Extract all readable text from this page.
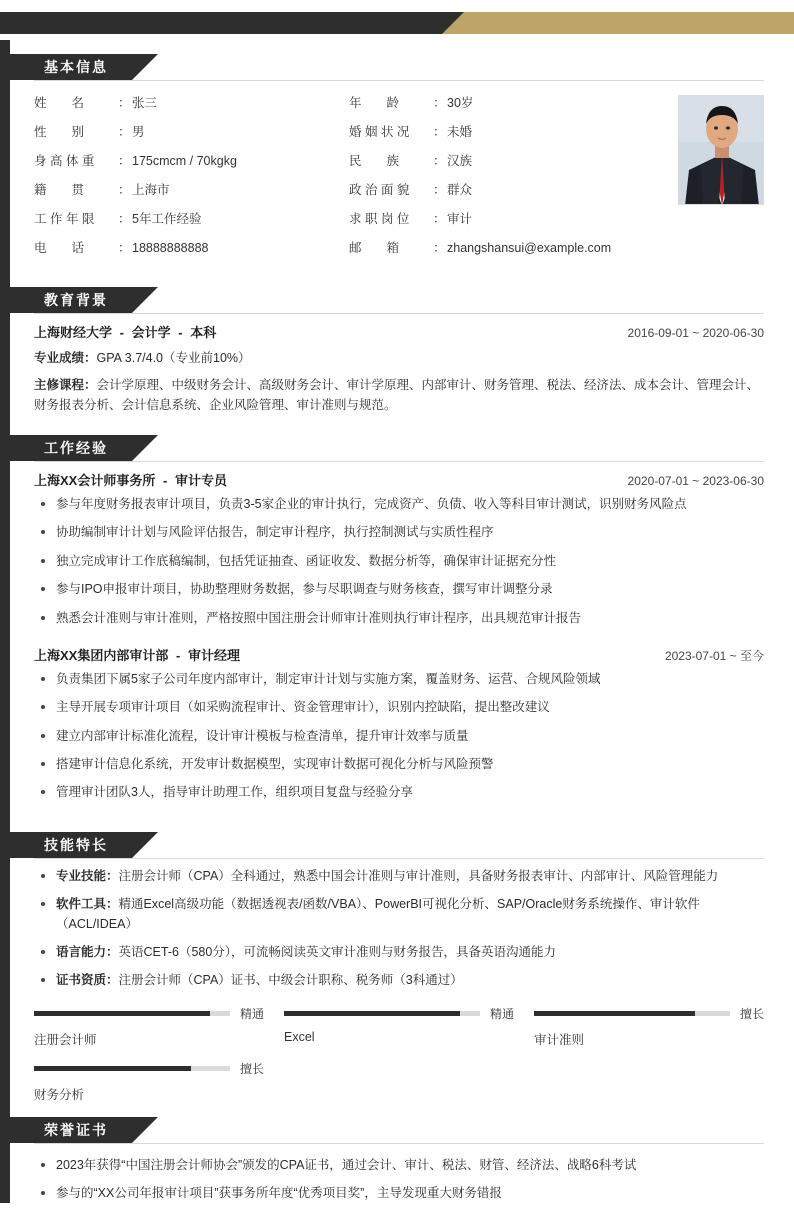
基本信息
姓　　名	： 张三
性　　别	： 男
身 高 体 重	： 175cmcm / 70kgkg
籍　　贯	： 上海市
工 作 年 限	： 5年工作经验
电　　话	： 18888888888
年　　龄	： 30岁
婚 姻 状 况	： 未婚
民　　族	： 汉族
政 治 面 貌	： 群众
求 职 岗 位	： 审计
邮　　箱	： zhangshansui@example.com
教育背景
上海财经大学 - 会计学 - 本科	2016-09-01 ~ 2020-06-30
专业成绩：GPA 3.7/4.0（专业前10%）
主修课程：会计学原理、中级财务会计、高级财务会计、审计学原理、内部审计、财务管理、税法、经济法、成本会计、管理会计、财务报表分析、会计信息系统、企业风险管理、审计准则与规范。
工作经验
上海XX会计师事务所 - 审计专员	2020-07-01 ~ 2023-06-30
参与年度财务报表审计项目，负责3-5家企业的审计执行，完成资产、负债、收入等科目审计测试，识别财务风险点
协助编制审计计划与风险评估报告，制定审计程序，执行控制测试与实质性程序
独立完成审计工作底稿编制，包括凭证抽查、函证收发、数据分析等，确保审计证据充分性
参与IPO申报审计项目，协助整理财务数据，参与尽职调查与财务核查，撰写审计调整分录
熟悉会计准则与审计准则，严格按照中国注册会计师审计准则执行审计程序，出具规范审计报告
上海XX集团内部审计部 - 审计经理	2023-07-01 ~ 至今
负责集团下属5家子公司年度内部审计，制定审计计划与实施方案，覆盖财务、运营、合规风险领域
主导开展专项审计项目（如采购流程审计、资金管理审计），识别内控缺陷，提出整改建议
建立内部审计标准化流程，设计审计模板与检查清单，提升审计效率与质量
搭建审计信息化系统，开发审计数据模型，实现审计数据可视化分析与风险预警
管理审计团队3人，指导审计助理工作，组织项目复盘与经验分享
技能特长
专业技能：注册会计师（CPA）全科通过，熟悉中国会计准则与审计准则，具备财务报表审计、内部审计、风险管理能力
软件工具：精通Excel高级功能（数据透视表/函数/VBA）、PowerBI可视化分析、SAP/Oracle财务系统操作、审计软件（ACL/IDEA）
语言能力：英语CET-6（580分），可流畅阅读英文审计准则与财务报告，具备英语沟通能力
证书资质：注册会计师（CPA）证书、中级会计职称、税务师（3科通过）
精通
注册会计师
精通
Excel
擅长
审计准则
擅长
财务分析
荣誉证书
2023年获得“中国注册会计师协会”颁发的CPA证书，通过会计、审计、税法、财管、经济法、战略6科考试
参与的“XX公司年报审计项目”获事务所年度“优秀项目奖”，主导发现重大财务错报
